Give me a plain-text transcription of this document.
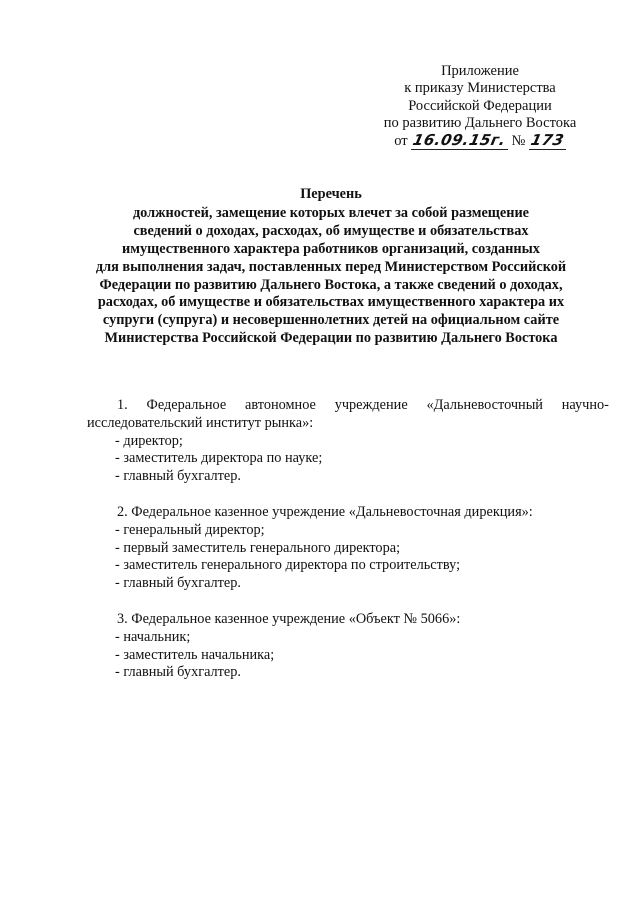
Приложение
к приказу Министерства
Российской Федерации
по развитию Дальнего Востока
от 16.09.15г. № 173
Перечень
должностей, замещение которых влечет за собой размещение
сведений о доходах, расходах, об имуществе и обязательствах
имущественного характера работников организаций, созданных
для выполнения задач, поставленных перед Министерством Российской
Федерации по развитию Дальнего Востока, а также сведений о доходах,
расходах, об имуществе и обязательствах имущественного характера их
супруги (супруга) и несовершеннолетних детей на официальном сайте
Министерства Российской Федерации по развитию Дальнего Востока
1. Федеральное автономное учреждение «Дальневосточный научно-
исследовательский институт рынка»:
- директор;
- заместитель директора по науке;
- главный бухгалтер.
2. Федеральное казенное учреждение «Дальневосточная дирекция»:
- генеральный директор;
- первый заместитель генерального директора;
- заместитель генерального директора по строительству;
- главный бухгалтер.
3. Федеральное казенное учреждение «Объект № 5066»:
- начальник;
- заместитель начальника;
- главный бухгалтер.
